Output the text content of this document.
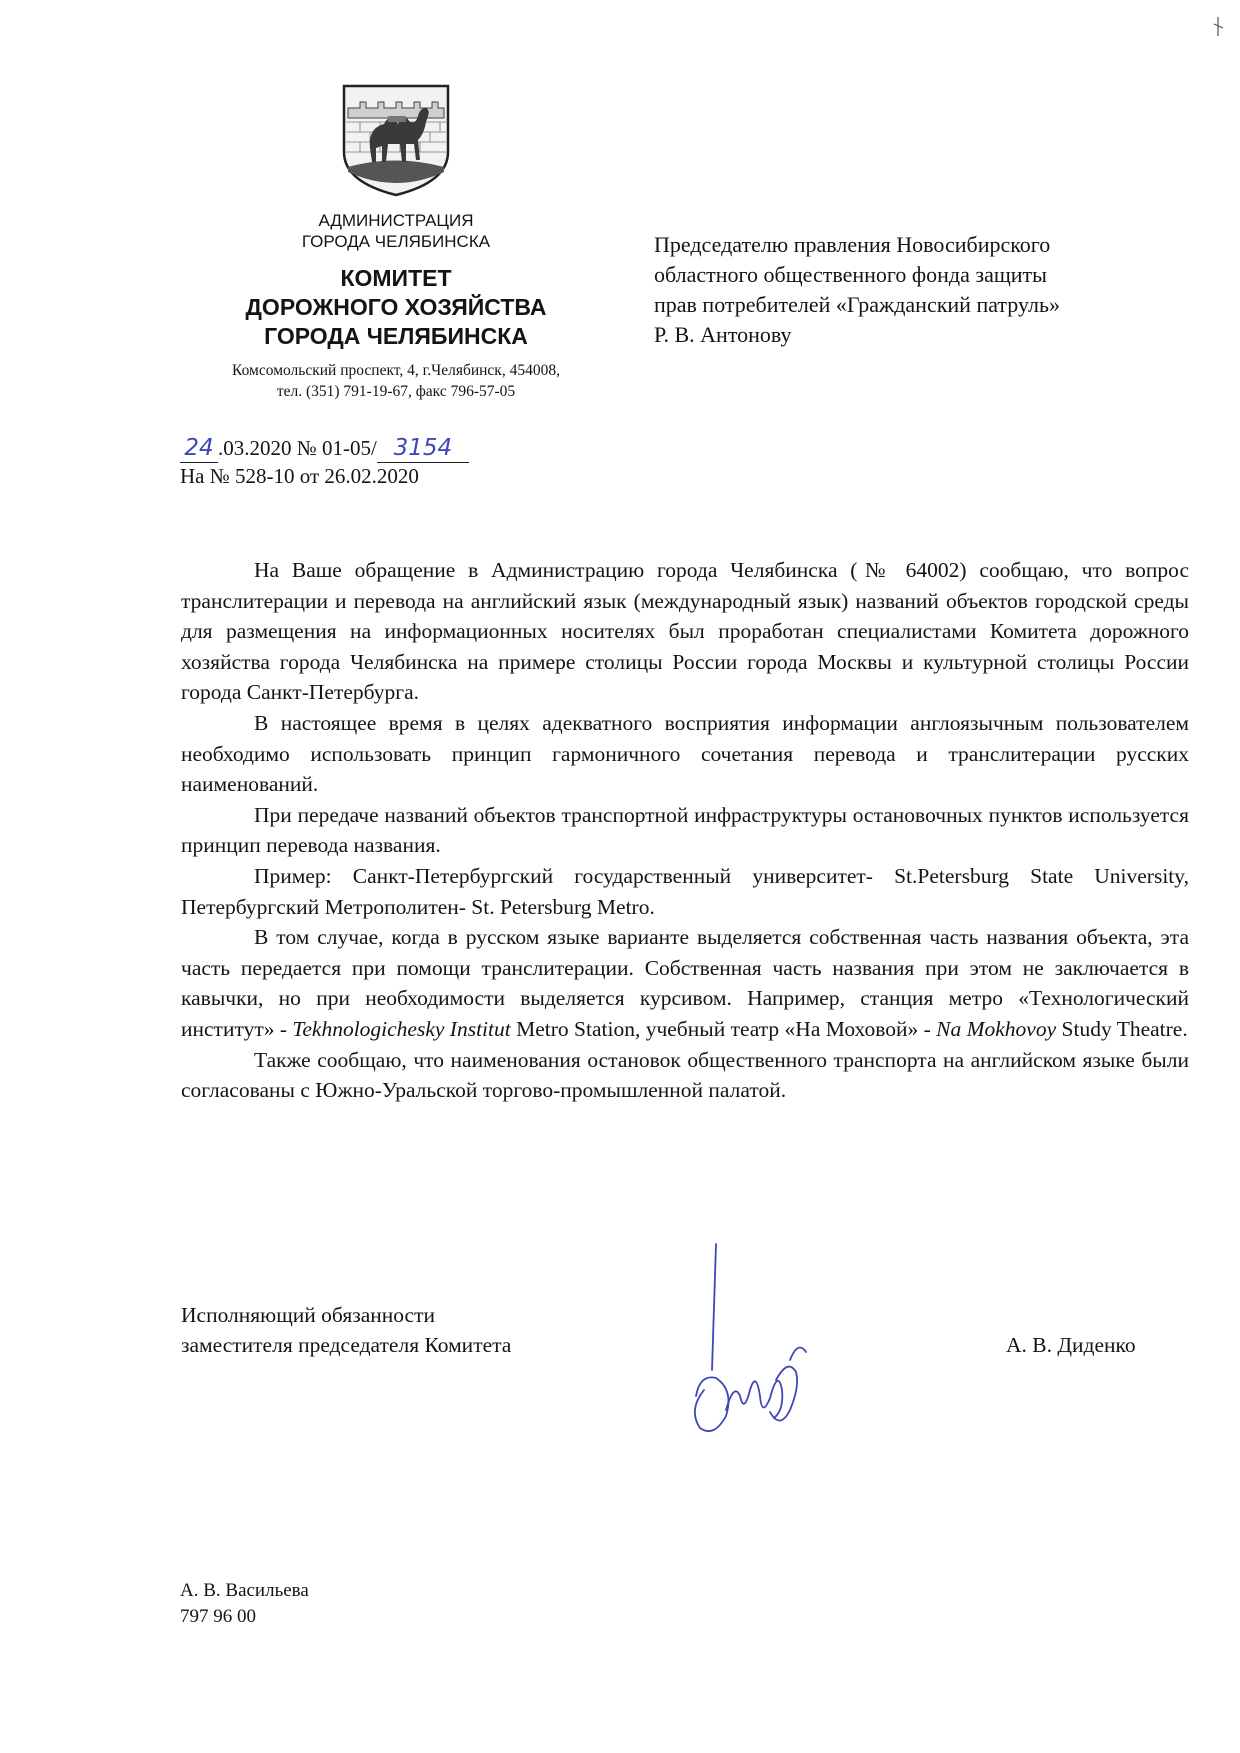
АДМИНИСТРАЦИЯ
ГОРОДА ЧЕЛЯБИНСКА
КОМИТЕТ
ДОРОЖНОГО ХОЗЯЙСТВА
ГОРОДА ЧЕЛЯБИНСКА
Комсомольский проспект, 4, г.Челябинск, 454008,
тел. (351) 791-19-67, факс 796-57-05
Председателю правления Новосибирского
областного общественного фонда защиты
прав потребителей «Гражданский патруль»
Р. В. Антонову
24 .03.2020 № 01-05/ 3154
На № 528-10 от 26.02.2020

На Ваше обращение в Администрацию города Челябинска (№ 64002) сообщаю, что вопрос транслитерации и перевода на английский язык (международный язык) названий объектов городской среды для размещения на информационных носителях был проработан специалистами Комитета дорожного хозяйства города Челябинска на примере столицы России города Москвы и культурной столицы России города Санкт-Петербурга.

В настоящее время в целях адекватного восприятия информации англоязычным пользователем необходимо использовать принцип гармоничного сочетания перевода и транслитерации русских наименований.

При передаче названий объектов транспортной инфраструктуры остановочных пунктов используется принцип перевода названия.

Пример: Санкт-Петербургский государственный университет- St.Petersburg State University, Петербургский Метрополитен- St. Petersburg Metro.

В том случае, когда в русском языке варианте выделяется собственная часть названия объекта, эта часть передается при помощи транслитерации. Собственная часть названия при этом не заключается в кавычки, но при необходимости выделяется курсивом. Например, станция метро «Технологический институт» - Tekhnologichesky Institut Metro Station, учебный театр «На Моховой» - Na Mokhovoy Study Theatre.

Также сообщаю, что наименования остановок общественного транспорта на английском языке были согласованы с Южно-Уральской торгово-промышленной палатой.

Исполняющий обязанности
заместителя председателя Комитета	А. В. Диденко
А. В. Васильева
797 96 00
